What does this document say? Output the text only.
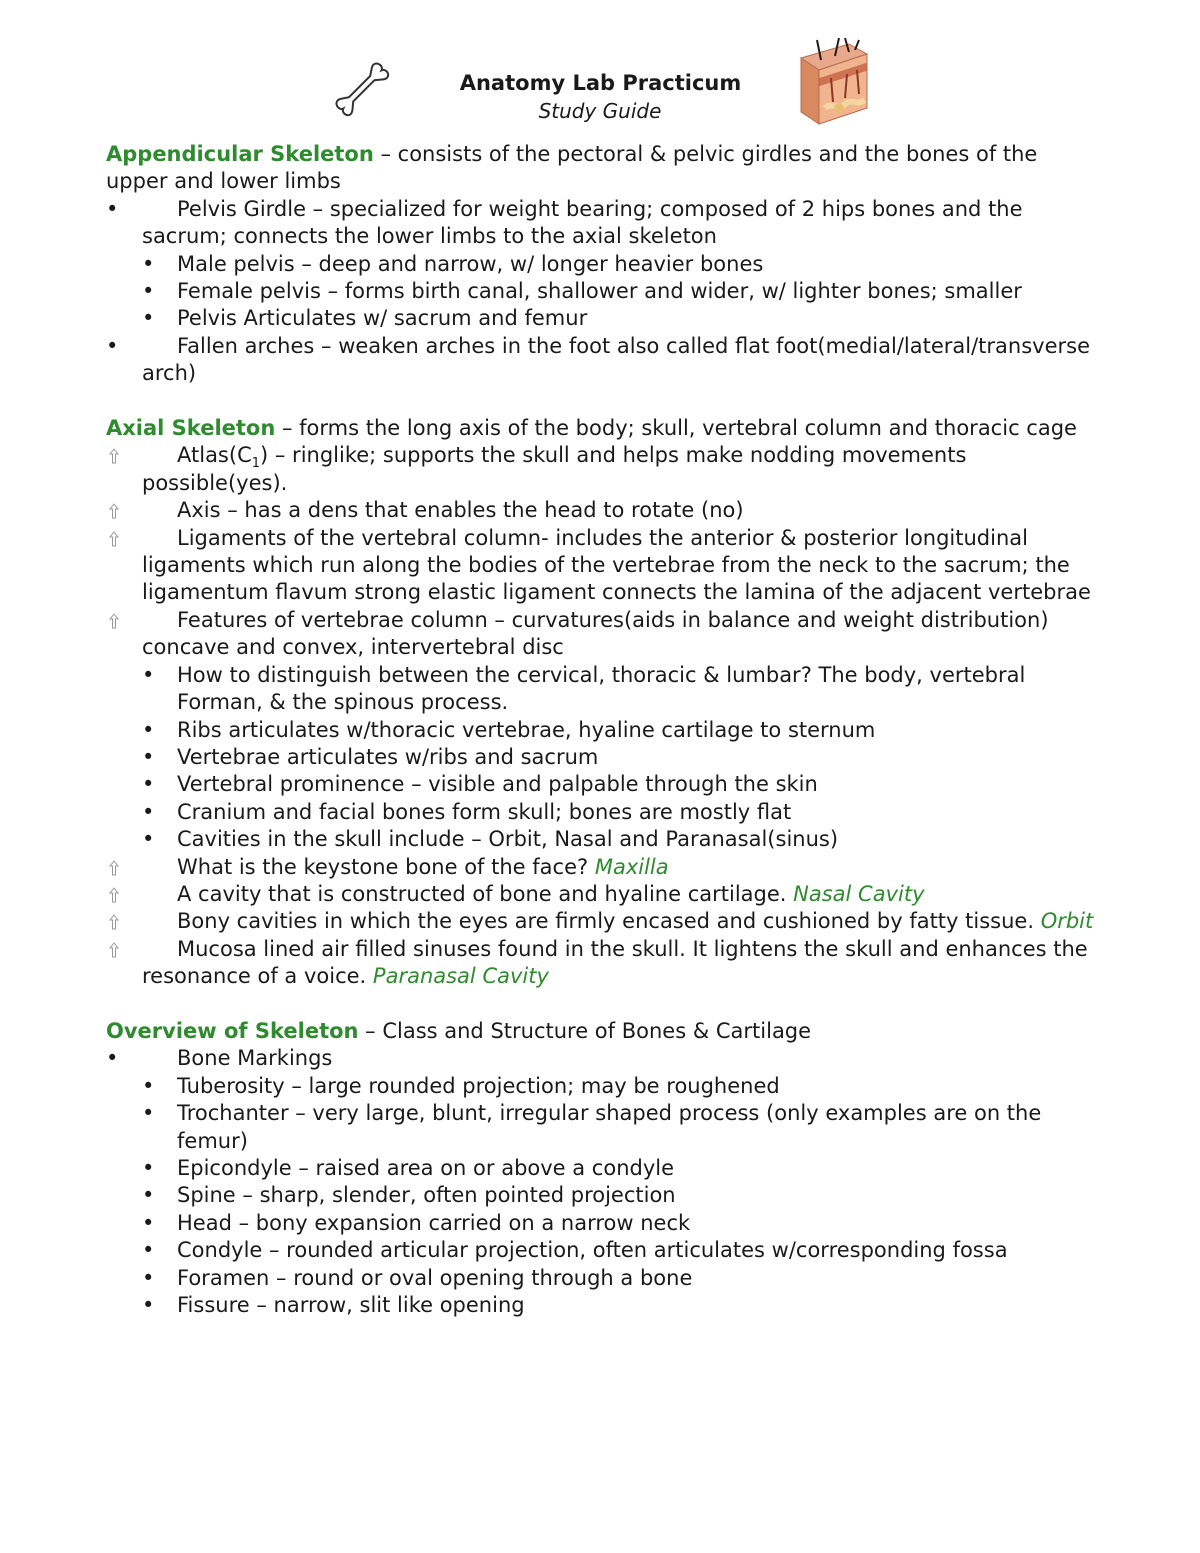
Anatomy Lab Practicum
Study Guide

Appendicular Skeleton – consists of the pectoral & pelvic girdles and the bones of the upper and lower limbs

•	Pelvis Girdle – specialized for weight bearing; composed of 2 hips bones and the sacrum; connects the lower limbs to the axial skeleton
• Male pelvis – deep and narrow, w/ longer heavier bones
• Female pelvis – forms birth canal, shallower and wider, w/ lighter bones; smaller
• Pelvis Articulates w/ sacrum and femur
•	Fallen arches – weaken arches in the foot also called flat foot(medial/lateral/transverse arch)

Axial Skeleton – forms the long axis of the body; skull, vertebral column and thoracic cage

$Atlas(C_1)$ – ringlike; supports the skull and helps make nodding movements possible(yes).
Axis – has a dens that enables the head to rotate (no)
Ligaments of the vertebral column- includes the anterior & posterior longitudinal ligaments which run along the bodies of the vertebrae from the neck to the sacrum; the ligamentum flavum strong elastic ligament connects the lamina of the adjacent vertebrae
Features of vertebrae column – curvatures(aids in balance and weight distribution) concave and convex, intervertebral disc
• How to distinguish between the cervical, thoracic & lumbar? The body, vertebral Forman, & the spinous process.
• Ribs articulates w/thoracic vertebrae, hyaline cartilage to sternum
• Vertebrae articulates w/ribs and sacrum
• Vertebral prominence – visible and palpable through the skin
• Cranium and facial bones form skull; bones are mostly flat
• Cavities in the skull include – Orbit, Nasal and Paranasal(sinus)
What is the keystone bone of the face? Maxilla
A cavity that is constructed of bone and hyaline cartilage. Nasal Cavity
Bony cavities in which the eyes are firmly encased and cushioned by fatty tissue. Orbit
Mucosa lined air filled sinuses found in the skull. It lightens the skull and enhances the resonance of a voice. Paranasal Cavity

Overview of Skeleton – Class and Structure of Bones & Cartilage

•	Bone Markings
• Tuberosity – large rounded projection; may be roughened
• Trochanter – very large, blunt, irregular shaped process (only examples are on the femur)
• Epicondyle – raised area on or above a condyle
• Spine – sharp, slender, often pointed projection
• Head – bony expansion carried on a narrow neck
• Condyle – rounded articular projection, often articulates w/corresponding fossa
• Foramen – round or oval opening through a bone
• Fissure – narrow, slit like opening
